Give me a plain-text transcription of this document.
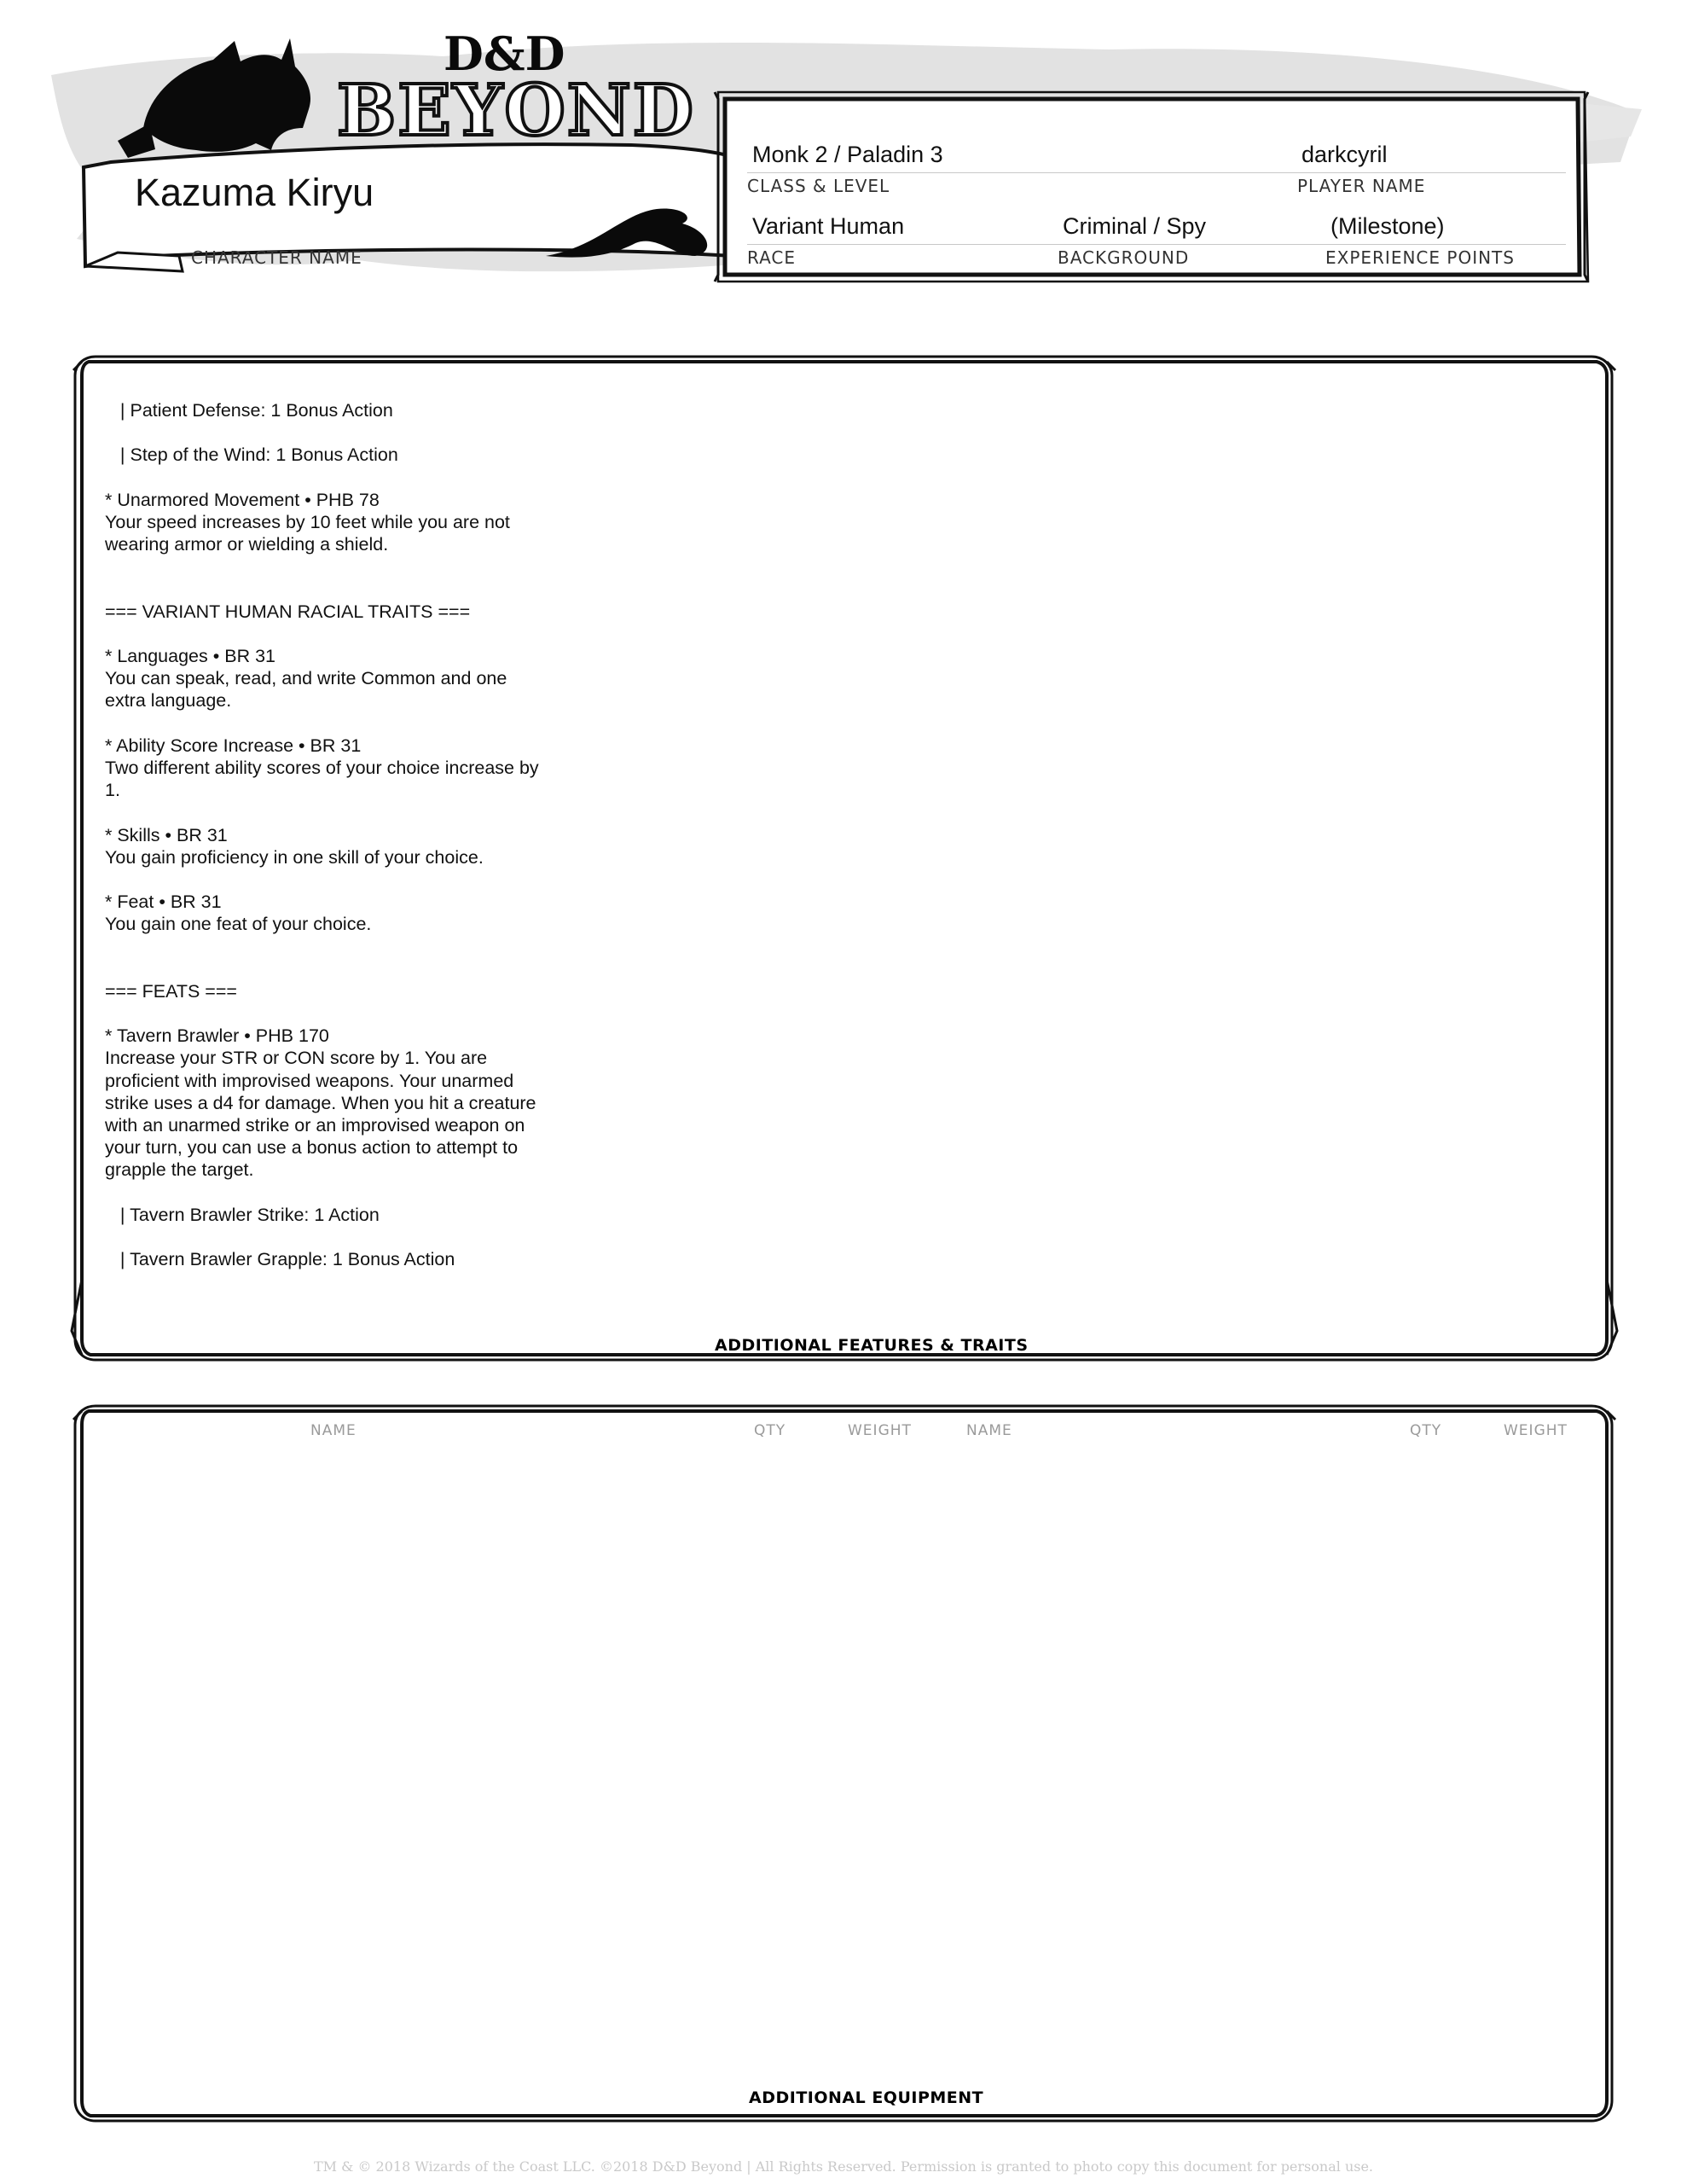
BEYOND
D&D
Kazuma Kiryu
CHARACTER NAME
Monk 2 / Paladin 3	darkcyril
CLASS & LEVEL	PLAYER NAME
Variant Human	Criminal / Spy	(Milestone)
RACE	BACKGROUND	EXPERIENCE POINTS
| Patient Defense: 1 Bonus Action
| Step of the Wind: 1 Bonus Action
* Unarmored Movement • PHB 78
Your speed increases by 10 feet while you are not
wearing armor or wielding a shield.
=== VARIANT HUMAN RACIAL TRAITS ===
* Languages • BR 31
You can speak, read, and write Common and one
extra language.
* Ability Score Increase • BR 31
Two different ability scores of your choice increase by
1.
* Skills • BR 31
You gain proficiency in one skill of your choice.
* Feat • BR 31
You gain one feat of your choice.
=== FEATS ===
* Tavern Brawler • PHB 170
Increase your STR or CON score by 1. You are
proficient with improvised weapons. Your unarmed
strike uses a d4 for damage. When you hit a creature
with an unarmed strike or an improvised weapon on
your turn, you can use a bonus action to attempt to
grapple the target.
| Tavern Brawler Strike: 1 Action
| Tavern Brawler Grapple: 1 Bonus Action
ADDITIONAL FEATURES & TRAITS
NAME	QTY	WEIGHT	NAME	QTY	WEIGHT
ADDITIONAL EQUIPMENT
TM & © 2018 Wizards of the Coast LLC. ©2018 D&D Beyond | All Rights Reserved. Permission is granted to photo copy this document for personal use.
